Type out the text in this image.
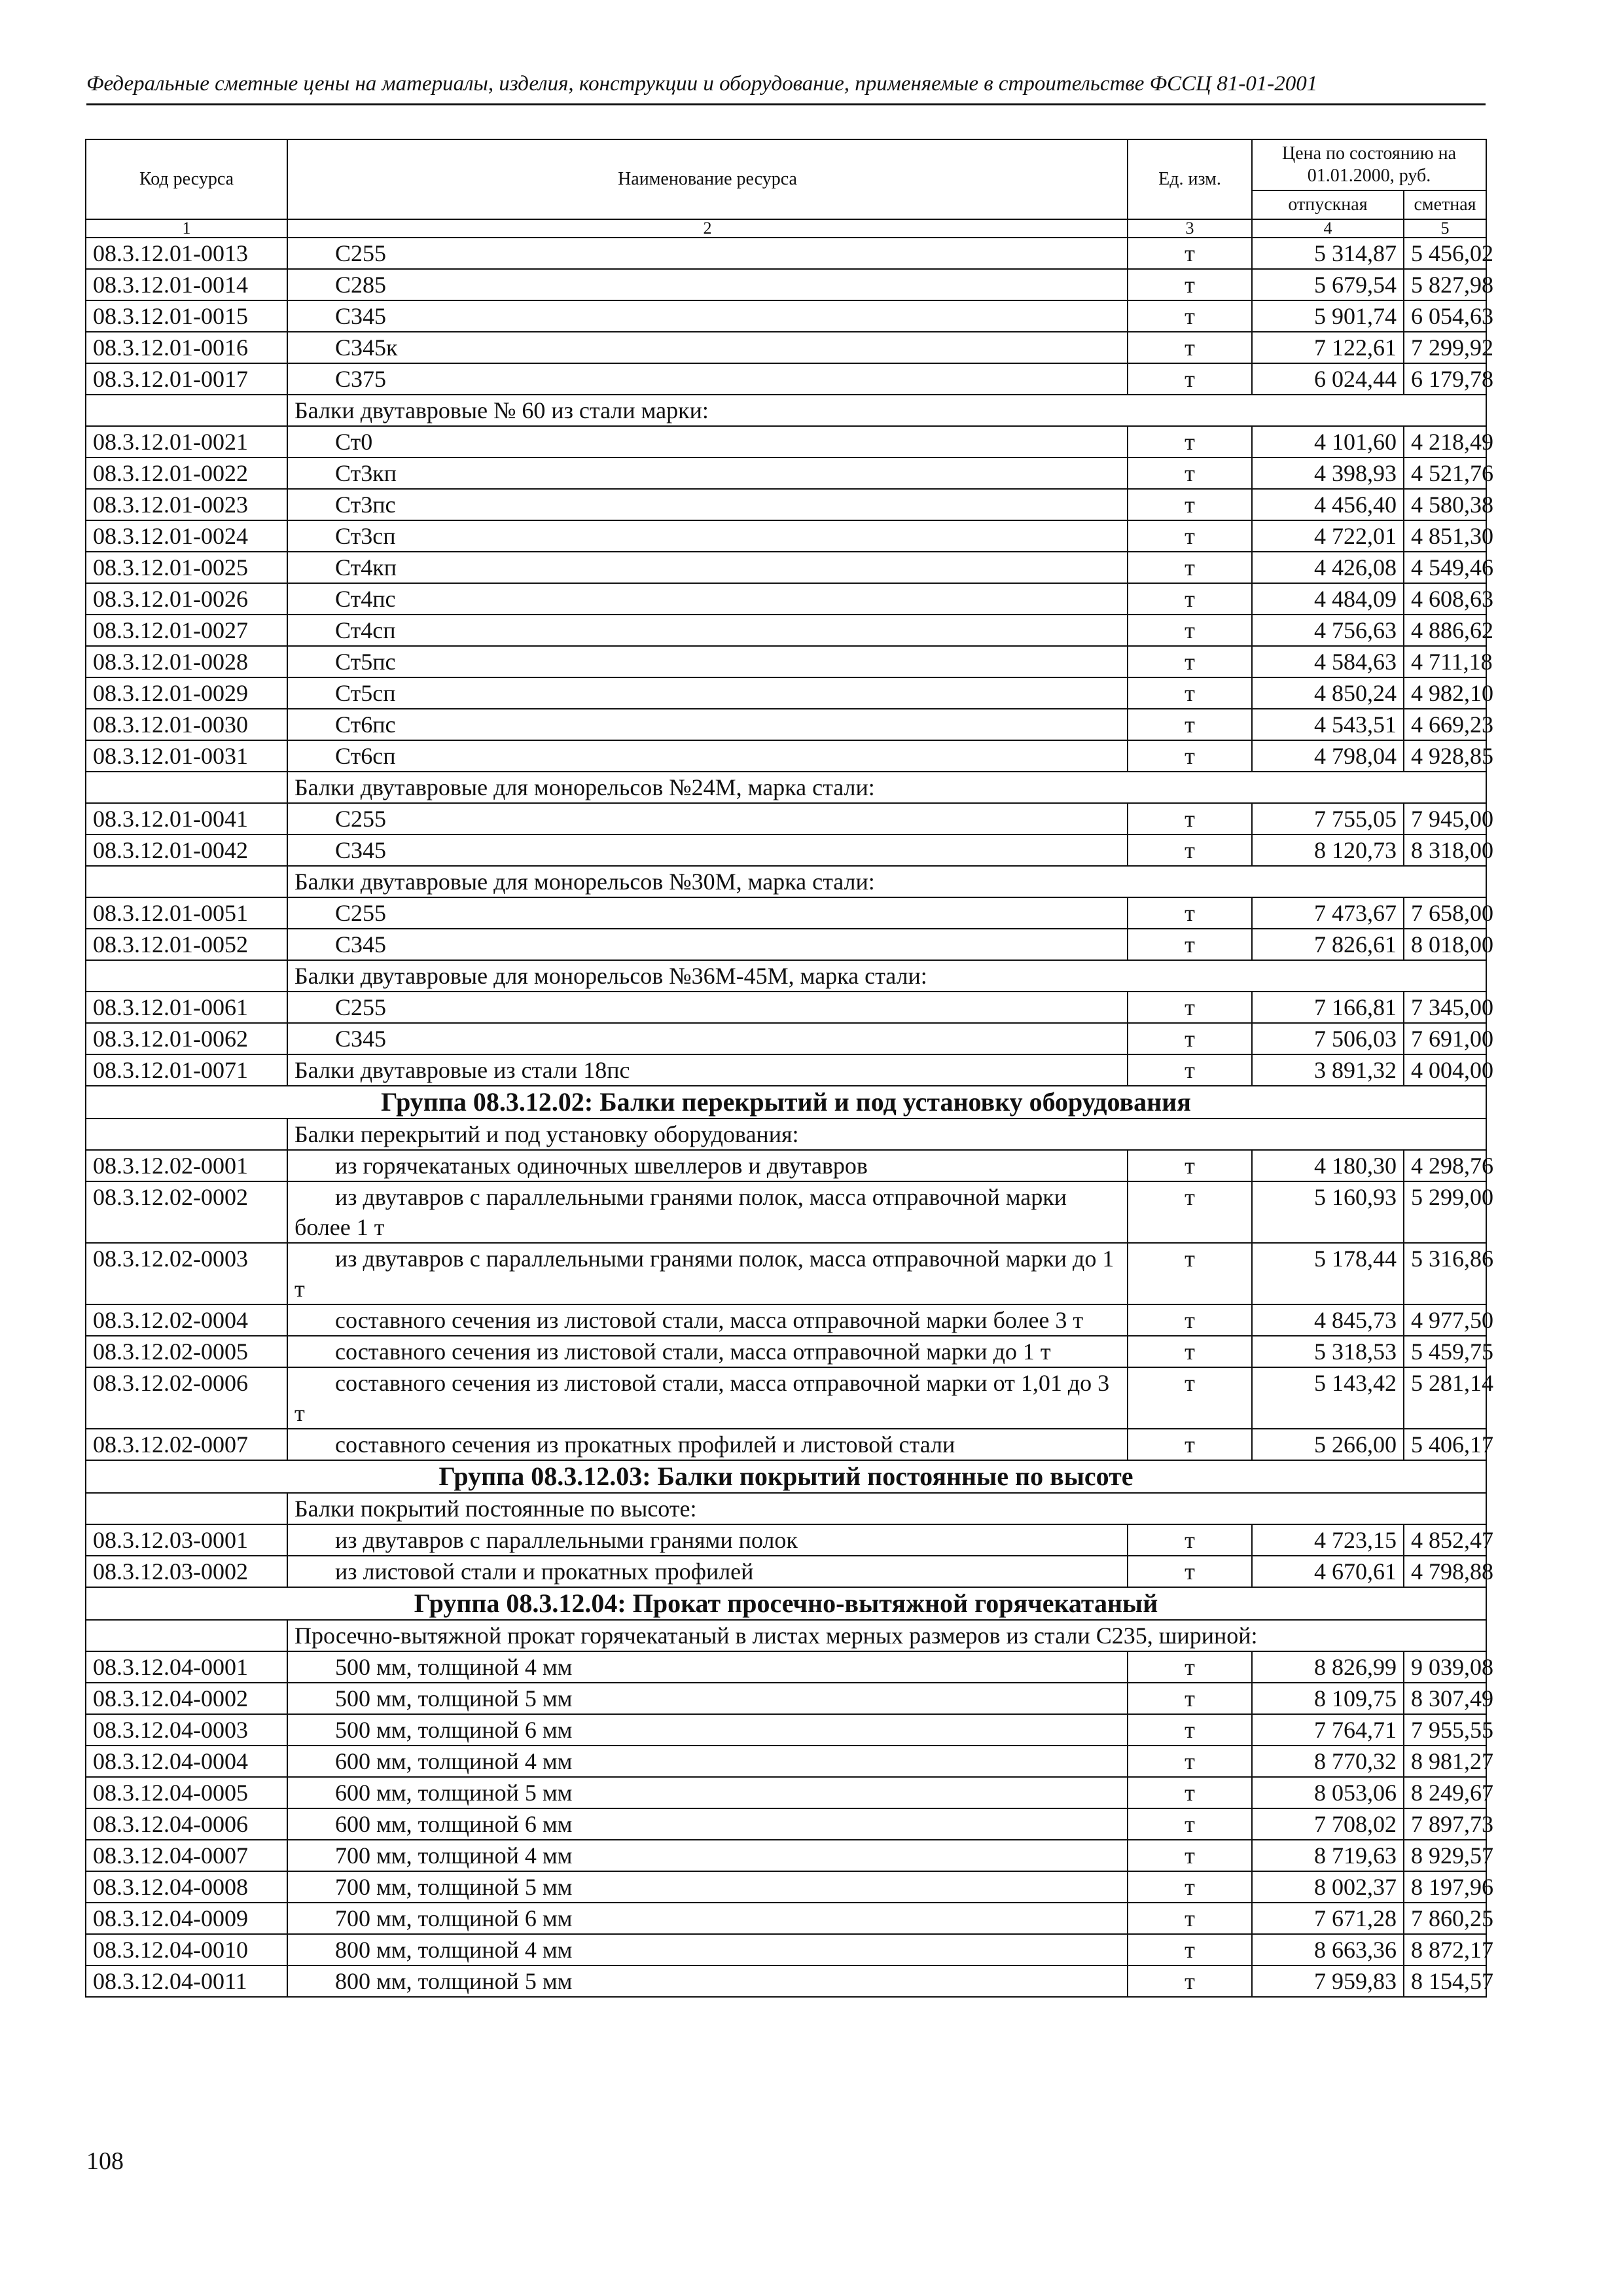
Федеральные сметные цены на материалы, изделия, конструкции и оборудование, применяемые в строительстве ФССЦ 81-01-2001
Код ресурса	Наименование ресурса	Ед. изм.	Цена по состоянию на 01.01.2000, руб.	
			отпускная	сметная
1	2	3	4	5
08.3.12.01-0013	С255	т	5 314,87	5 456,02
08.3.12.01-0014	С285	т	5 679,54	5 827,98
08.3.12.01-0015	С345	т	5 901,74	6 054,63
08.3.12.01-0016	С345к	т	7 122,61	7 299,92
08.3.12.01-0017	С375	т	6 024,44	6 179,78
	Балки двутавровые № 60 из стали марки:			
08.3.12.01-0021	Ст0	т	4 101,60	4 218,49
08.3.12.01-0022	Ст3кп	т	4 398,93	4 521,76
08.3.12.01-0023	Ст3пс	т	4 456,40	4 580,38
08.3.12.01-0024	Ст3сп	т	4 722,01	4 851,30
08.3.12.01-0025	Ст4кп	т	4 426,08	4 549,46
08.3.12.01-0026	Ст4пс	т	4 484,09	4 608,63
08.3.12.01-0027	Ст4сп	т	4 756,63	4 886,62
08.3.12.01-0028	Ст5пс	т	4 584,63	4 711,18
08.3.12.01-0029	Ст5сп	т	4 850,24	4 982,10
08.3.12.01-0030	Ст6пс	т	4 543,51	4 669,23
08.3.12.01-0031	Ст6сп	т	4 798,04	4 928,85
	Балки двутавровые для монорельсов №24М, марка стали:			
08.3.12.01-0041	С255	т	7 755,05	7 945,00
08.3.12.01-0042	С345	т	8 120,73	8 318,00
	Балки двутавровые для монорельсов №30М, марка стали:			
08.3.12.01-0051	С255	т	7 473,67	7 658,00
08.3.12.01-0052	С345	т	7 826,61	8 018,00
	Балки двутавровые для монорельсов №36М-45М, марка стали:			
08.3.12.01-0061	С255	т	7 166,81	7 345,00
08.3.12.01-0062	С345	т	7 506,03	7 691,00
08.3.12.01-0071	Балки двутавровые из стали 18пс	т	3 891,32	4 004,00
Группа 08.3.12.02: Балки перекрытий и под установку оборудования				
	Балки перекрытий и под установку оборудования:			
08.3.12.02-0001	из горячекатаных одиночных швеллеров и двутавров	т	4 180,30	4 298,76
08.3.12.02-0002	из двутавров с параллельными гранями полок, масса отправочной марки более 1 т	т	5 160,93	5 299,00
08.3.12.02-0003	из двутавров с параллельными гранями полок, масса отправочной марки до 1 т	т	5 178,44	5 316,86
08.3.12.02-0004	составного сечения из листовой стали, масса отправочной марки более 3 т	т	4 845,73	4 977,50
08.3.12.02-0005	составного сечения из листовой стали, масса отправочной марки до 1 т	т	5 318,53	5 459,75
08.3.12.02-0006	составного сечения из листовой стали, масса отправочной марки от 1,01 до 3 т	т	5 143,42	5 281,14
08.3.12.02-0007	составного сечения из прокатных профилей и листовой стали	т	5 266,00	5 406,17
Группа 08.3.12.03: Балки покрытий постоянные по высоте				
	Балки покрытий постоянные по высоте:			
08.3.12.03-0001	из двутавров с параллельными гранями полок	т	4 723,15	4 852,47
08.3.12.03-0002	из листовой стали и прокатных профилей	т	4 670,61	4 798,88
Группа 08.3.12.04: Прокат просечно-вытяжной горячекатаный				
	Просечно-вытяжной прокат горячекатаный в листах мерных размеров из стали С235, шириной:			
08.3.12.04-0001	500 мм, толщиной 4 мм	т	8 826,99	9 039,08
08.3.12.04-0002	500 мм, толщиной 5 мм	т	8 109,75	8 307,49
08.3.12.04-0003	500 мм, толщиной 6 мм	т	7 764,71	7 955,55
08.3.12.04-0004	600 мм, толщиной 4 мм	т	8 770,32	8 981,27
08.3.12.04-0005	600 мм, толщиной 5 мм	т	8 053,06	8 249,67
08.3.12.04-0006	600 мм, толщиной 6 мм	т	7 708,02	7 897,73
08.3.12.04-0007	700 мм, толщиной 4 мм	т	8 719,63	8 929,57
08.3.12.04-0008	700 мм, толщиной 5 мм	т	8 002,37	8 197,96
08.3.12.04-0009	700 мм, толщиной 6 мм	т	7 671,28	7 860,25
08.3.12.04-0010	800 мм, толщиной 4 мм	т	8 663,36	8 872,17
08.3.12.04-0011	800 мм, толщиной 5 мм	т	7 959,83	8 154,57
108
